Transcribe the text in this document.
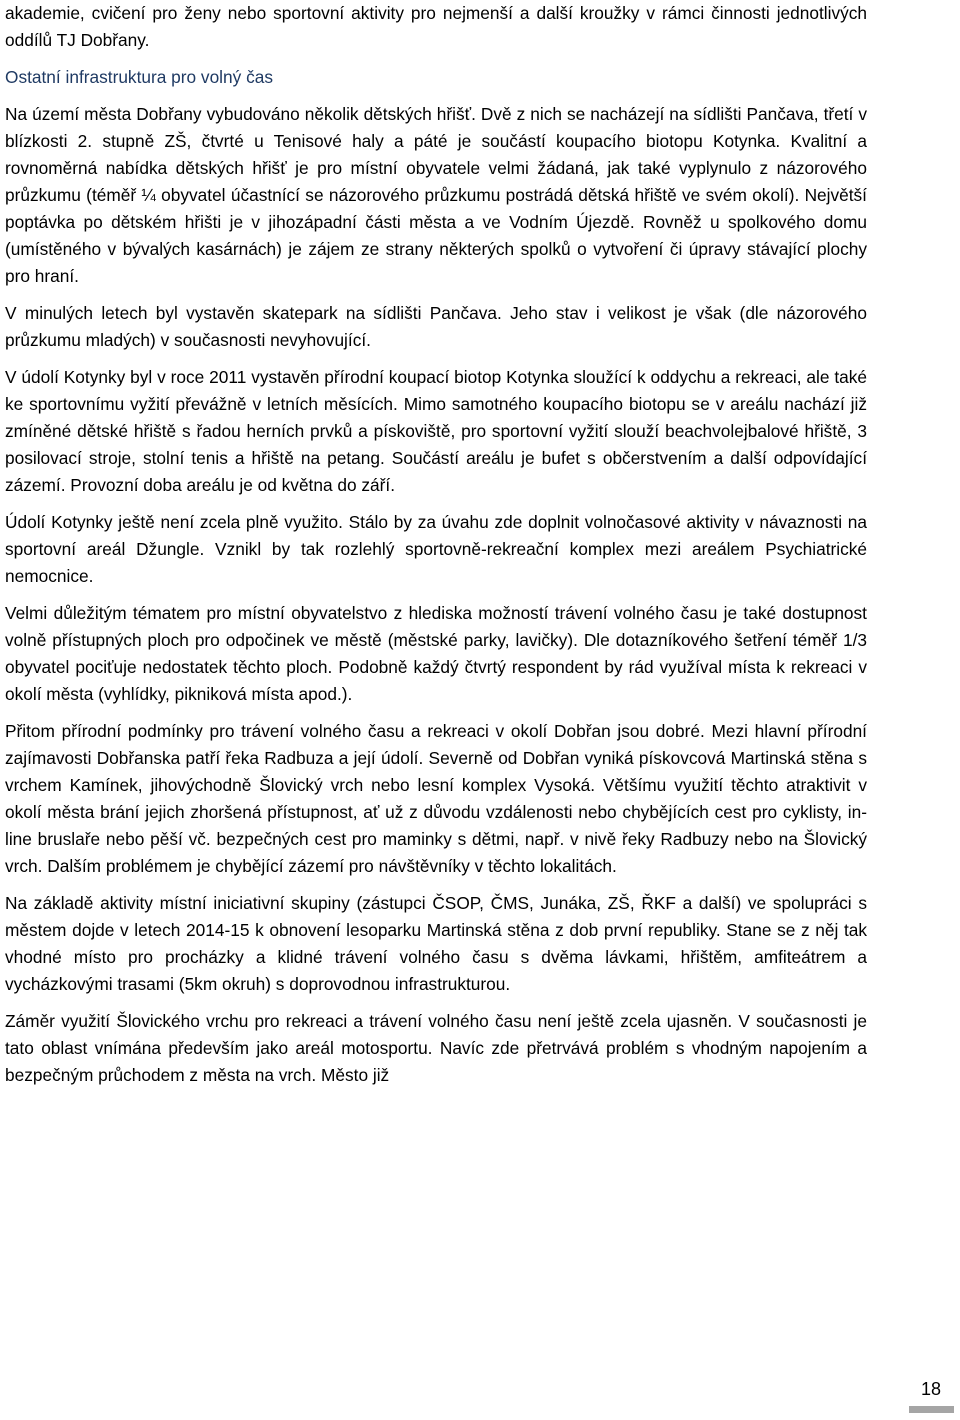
akademie, cvičení pro ženy nebo sportovní aktivity pro nejmenší a další kroužky v rámci činnosti jednotlivých oddílů TJ Dobřany.

Ostatní infrastruktura pro volný čas

Na území města Dobřany vybudováno několik dětských hřišť. Dvě z nich se nacházejí na sídlišti Pančava, třetí v blízkosti 2. stupně ZŠ, čtvrté u Tenisové haly a páté je součástí koupacího biotopu Kotynka. Kvalitní a rovnoměrná nabídka dětských hřišť je pro místní obyvatele velmi žádaná, jak také vyplynulo z názorového průzkumu (téměř ¼ obyvatel účastnící se názorového průzkumu postrádá dětská hřiště ve svém okolí). Největší poptávka po dětském hřišti je v jihozápadní části města a ve Vodním Újezdě. Rovněž u spolkového domu (umístěného v bývalých kasárnách) je zájem ze strany některých spolků o vytvoření či úpravy stávající plochy pro hraní.

V minulých letech byl vystavěn skatepark na sídlišti Pančava. Jeho stav i velikost je však (dle názorového průzkumu mladých) v současnosti nevyhovující.

V údolí Kotynky byl v roce 2011 vystavěn přírodní koupací biotop Kotynka sloužící k oddychu a rekreaci, ale také ke sportovnímu vyžití převážně v letních měsících. Mimo samotného koupacího biotopu se v areálu nachází již zmíněné dětské hřiště s řadou herních prvků a pískoviště, pro sportovní vyžití slouží beachvolejbalové hřiště, 3 posilovací stroje, stolní tenis a hřiště na petang. Součástí areálu je bufet s občerstvením a další odpovídající zázemí. Provozní doba areálu je od května do září.

Údolí Kotynky ještě není zcela plně využito. Stálo by za úvahu zde doplnit volnočasové aktivity v návaznosti na sportovní areál Džungle. Vznikl by tak rozlehlý sportovně-rekreační komplex mezi areálem Psychiatrické nemocnice.

Velmi důležitým tématem pro místní obyvatelstvo z hlediska možností trávení volného času je také dostupnost volně přístupných ploch pro odpočinek ve městě (městské parky, lavičky). Dle dotazníkového šetření téměř 1/3 obyvatel pociťuje nedostatek těchto ploch. Podobně každý čtvrtý respondent by rád využíval místa k rekreaci v okolí města (vyhlídky, pikniková místa apod.).

Přitom přírodní podmínky pro trávení volného času a rekreaci v okolí Dobřan jsou dobré. Mezi hlavní přírodní zajímavosti Dobřanska patří řeka Radbuza a její údolí. Severně od Dobřan vyniká pískovcová Martinská stěna s vrchem Kamínek, jihovýchodně Šlovický vrch nebo lesní komplex Vysoká. Většímu využití těchto atraktivit v okolí města brání jejich zhoršená přístupnost, ať už z důvodu vzdálenosti nebo chybějících cest pro cyklisty, in-line bruslaře nebo pěší vč. bezpečných cest pro maminky s dětmi, např. v nivě řeky Radbuzy nebo na Šlovický vrch. Dalším problémem je chybějící zázemí pro návštěvníky v těchto lokalitách.

Na základě aktivity místní iniciativní skupiny (zástupci ČSOP, ČMS, Junáka, ZŠ, ŘKF a další) ve spolupráci s městem dojde v letech 2014-15 k obnovení lesoparku Martinská stěna z dob první republiky. Stane se z něj tak vhodné místo pro procházky a klidné trávení volného času s dvěma lávkami, hřištěm, amfiteátrem a vycházkovými trasami (5km okruh) s doprovodnou infrastrukturou.

Záměr využití Šlovického vrchu pro rekreaci a trávení volného času není ještě zcela ujasněn. V současnosti je tato oblast vnímána především jako areál motosportu. Navíc zde přetrvává problém s vhodným napojením a bezpečným průchodem z města na vrch. Město již

18
